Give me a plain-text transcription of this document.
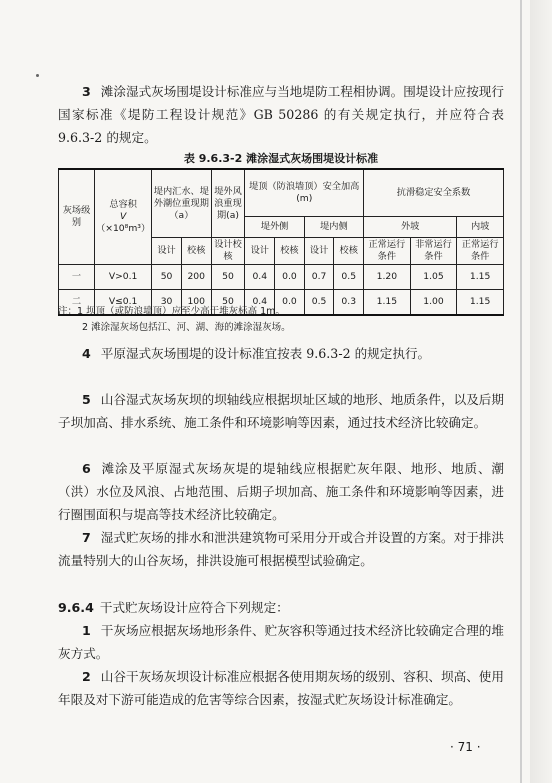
3 滩涂湿式灰场围堤设计标准应与当地堤防工程相协调。围堤设计应按现行国家标准《堤防工程设计规范》GB 50286 的有关规定执行，并应符合表 9.6.3-2 的规定。
表 9.6.3-2 滩涂湿式灰场围堤设计标准
灰场级别	总容积
V
（×10⁸m³）	堤内汇水、堤外潮位重现期（a）		堤外风浪重现期(a)	堤顶（防浪墙顶）安全加高(m)				抗滑稳定安全系数		
					堤外侧		堤内侧		外坡		内坡
		设计	校核	设计校核	设计	校核	设计	校核	正常运行条件	非常运行条件	正常运行条件
一	V>0.1	50	200	50	0.4	0.0	0.7	0.5	1.20	1.05	1.15
二	V≤0.1	30	100	50	0.4	0.0	0.5	0.3	1.15	1.00	1.15
注：1 坝顶（或防浪墙顶）应至少高于堆灰标高 1m。
2 滩涂湿灰场包括江、河、湖、海的滩涂湿灰场。
4 平原湿式灰场围堤的设计标准宜按表 9.6.3-2 的规定执行。
5 山谷湿式灰场灰坝的坝轴线应根据坝址区域的地形、地质条件，以及后期子坝加高、排水系统、施工条件和环境影响等因素，通过技术经济比较确定。
6 滩涂及平原湿式灰场灰堤的堤轴线应根据贮灰年限、地形、地质、潮（洪）水位及风浪、占地范围、后期子坝加高、施工条件和环境影响等因素，进行圈围面积与堤高等技术经济比较确定。
7 湿式贮灰场的排水和泄洪建筑物可采用分开或合并设置的方案。对于排洪流量特别大的山谷灰场，排洪设施可根据模型试验确定。
9.6.4 干式贮灰场设计应符合下列规定：
1 干灰场应根据灰场地形条件、贮灰容积等通过技术经济比较确定合理的堆灰方式。
2 山谷干灰场灰坝设计标准应根据各使用期灰场的级别、容积、坝高、使用年限及对下游可能造成的危害等综合因素，按湿式贮灰场设计标准确定。
· 71 ·
